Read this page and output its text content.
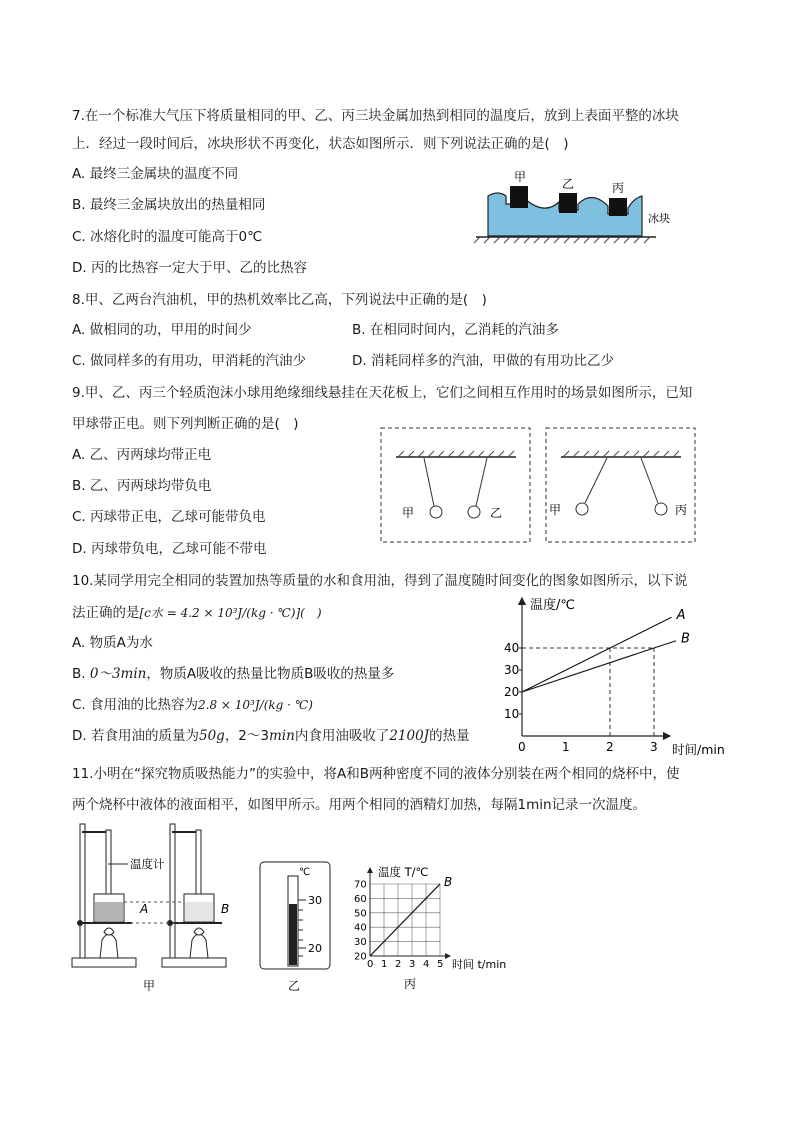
7.在一个标准大气压下将质量相同的甲、乙、丙三块金属加热到相同的温度后，放到上表面平整的冰块
上．经过一段时间后，冰块形状不再变化，状态如图所示．则下列说法正确的是(　)
A. 最终三金属块的温度不同
B. 最终三金属块放出的热量相同
C. 冰熔化时的温度可能高于0℃
D. 丙的比热容一定大于甲、乙的比热容
甲	乙	丙
冰块
8.甲、乙两台汽油机，甲的热机效率比乙高，下列说法中正确的是(　)
A. 做相同的功，甲用的时间少	B. 在相同时间内，乙消耗的汽油多
C. 做同样多的有用功，甲消耗的汽油少	D. 消耗同样多的汽油，甲做的有用功比乙少
9.甲、乙、丙三个轻质泡沫小球用绝缘细线悬挂在天花板上，它们之间相互作用时的场景如图所示，已知
甲球带正电。则下列判断正确的是(　)
A. 乙、丙两球均带正电
B. 乙、丙两球均带负电
C. 丙球带正电，乙球可能带负电
D. 丙球带负电，乙球可能不带电
甲	乙	甲	丙
10.某同学用完全相同的装置加热等质量的水和食用油，得到了温度随时间变化的图象如图所示，以下说
法正确的是[c水 = 4.2 × 10³J/(kg · ℃)](　)
A. 物质A为水
B. 0～3min，物质A吸收的热量比物质B吸收的热量多
C. 食用油的比热容为2.8 × 10³J/(kg · ℃)
D. 若食用油的质量为50g，2～3min内食用油吸收了2100J的热量
温度/℃
时间/min
0	1	2	3
10
20
30
40
A
B
11.小明在“探究物质吸热能力”的实验中，将A和B两种密度不同的液体分别装在两个相同的烧杯中，使
两个烧杯中液体的液面相平，如图甲所示。用两个相同的酒精灯加热，每隔1min记录一次温度。
温度计
A	B
甲
℃
30
20
乙
温度 T/℃
时间 t/min
丙
0 1 2 3 4 5
20
30
40
50
60
70	B
